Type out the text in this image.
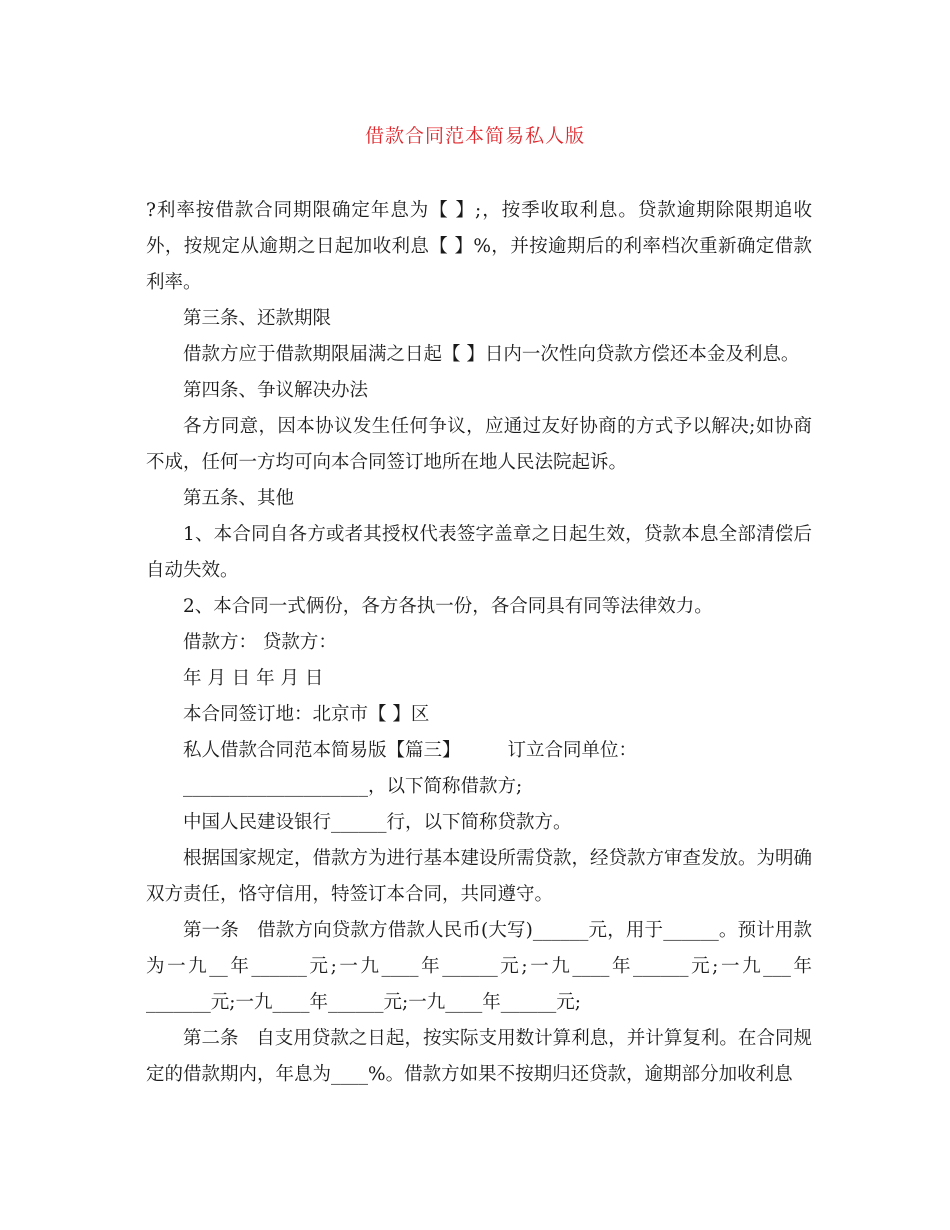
借款合同范本简易私人版

?利率按借款合同期限确定年息为【 】;，按季收取利息。贷款逾期除限期追收外，按规定从逾期之日起加收利息【 】%，并按逾期后的利率档次重新确定借款利率。

第三条、还款期限

借款方应于借款期限届满之日起【 】日内一次性向贷款方偿还本金及利息。

第四条、争议解决办法

各方同意，因本协议发生任何争议，应通过友好协商的方式予以解决;如协商不成，任何一方均可向本合同签订地所在地人民法院起诉。

第五条、其他

1、本合同自各方或者其授权代表签字盖章之日起生效，贷款本息全部清偿后自动失效。

2、本合同一式俩份，各方各执一份，各合同具有同等法律效力。

借款方： 贷款方：

年 月 日 年 月 日

本合同签订地：北京市【 】区

私人借款合同范本简易版【篇三】        订立合同单位：

____________________，以下简称借款方;

中国人民建设银行______行，以下简称贷款方。

根据国家规定，借款方为进行基本建设所需贷款，经贷款方审查发放。为明确双方责任，恪守信用，特签订本合同，共同遵守。

第一条   借款方向贷款方借款人民币(大写)______元，用于______。预计用款为一九__年______元;一九____年______元;一九____年______元;一九___年_______元;一九____年______元;一九____年______元;

第二条   自支用贷款之日起，按实际支用数计算利息，并计算复利。在合同规定的借款期内，年息为____%。借款方如果不按期归还贷款，逾期部分加收利息
